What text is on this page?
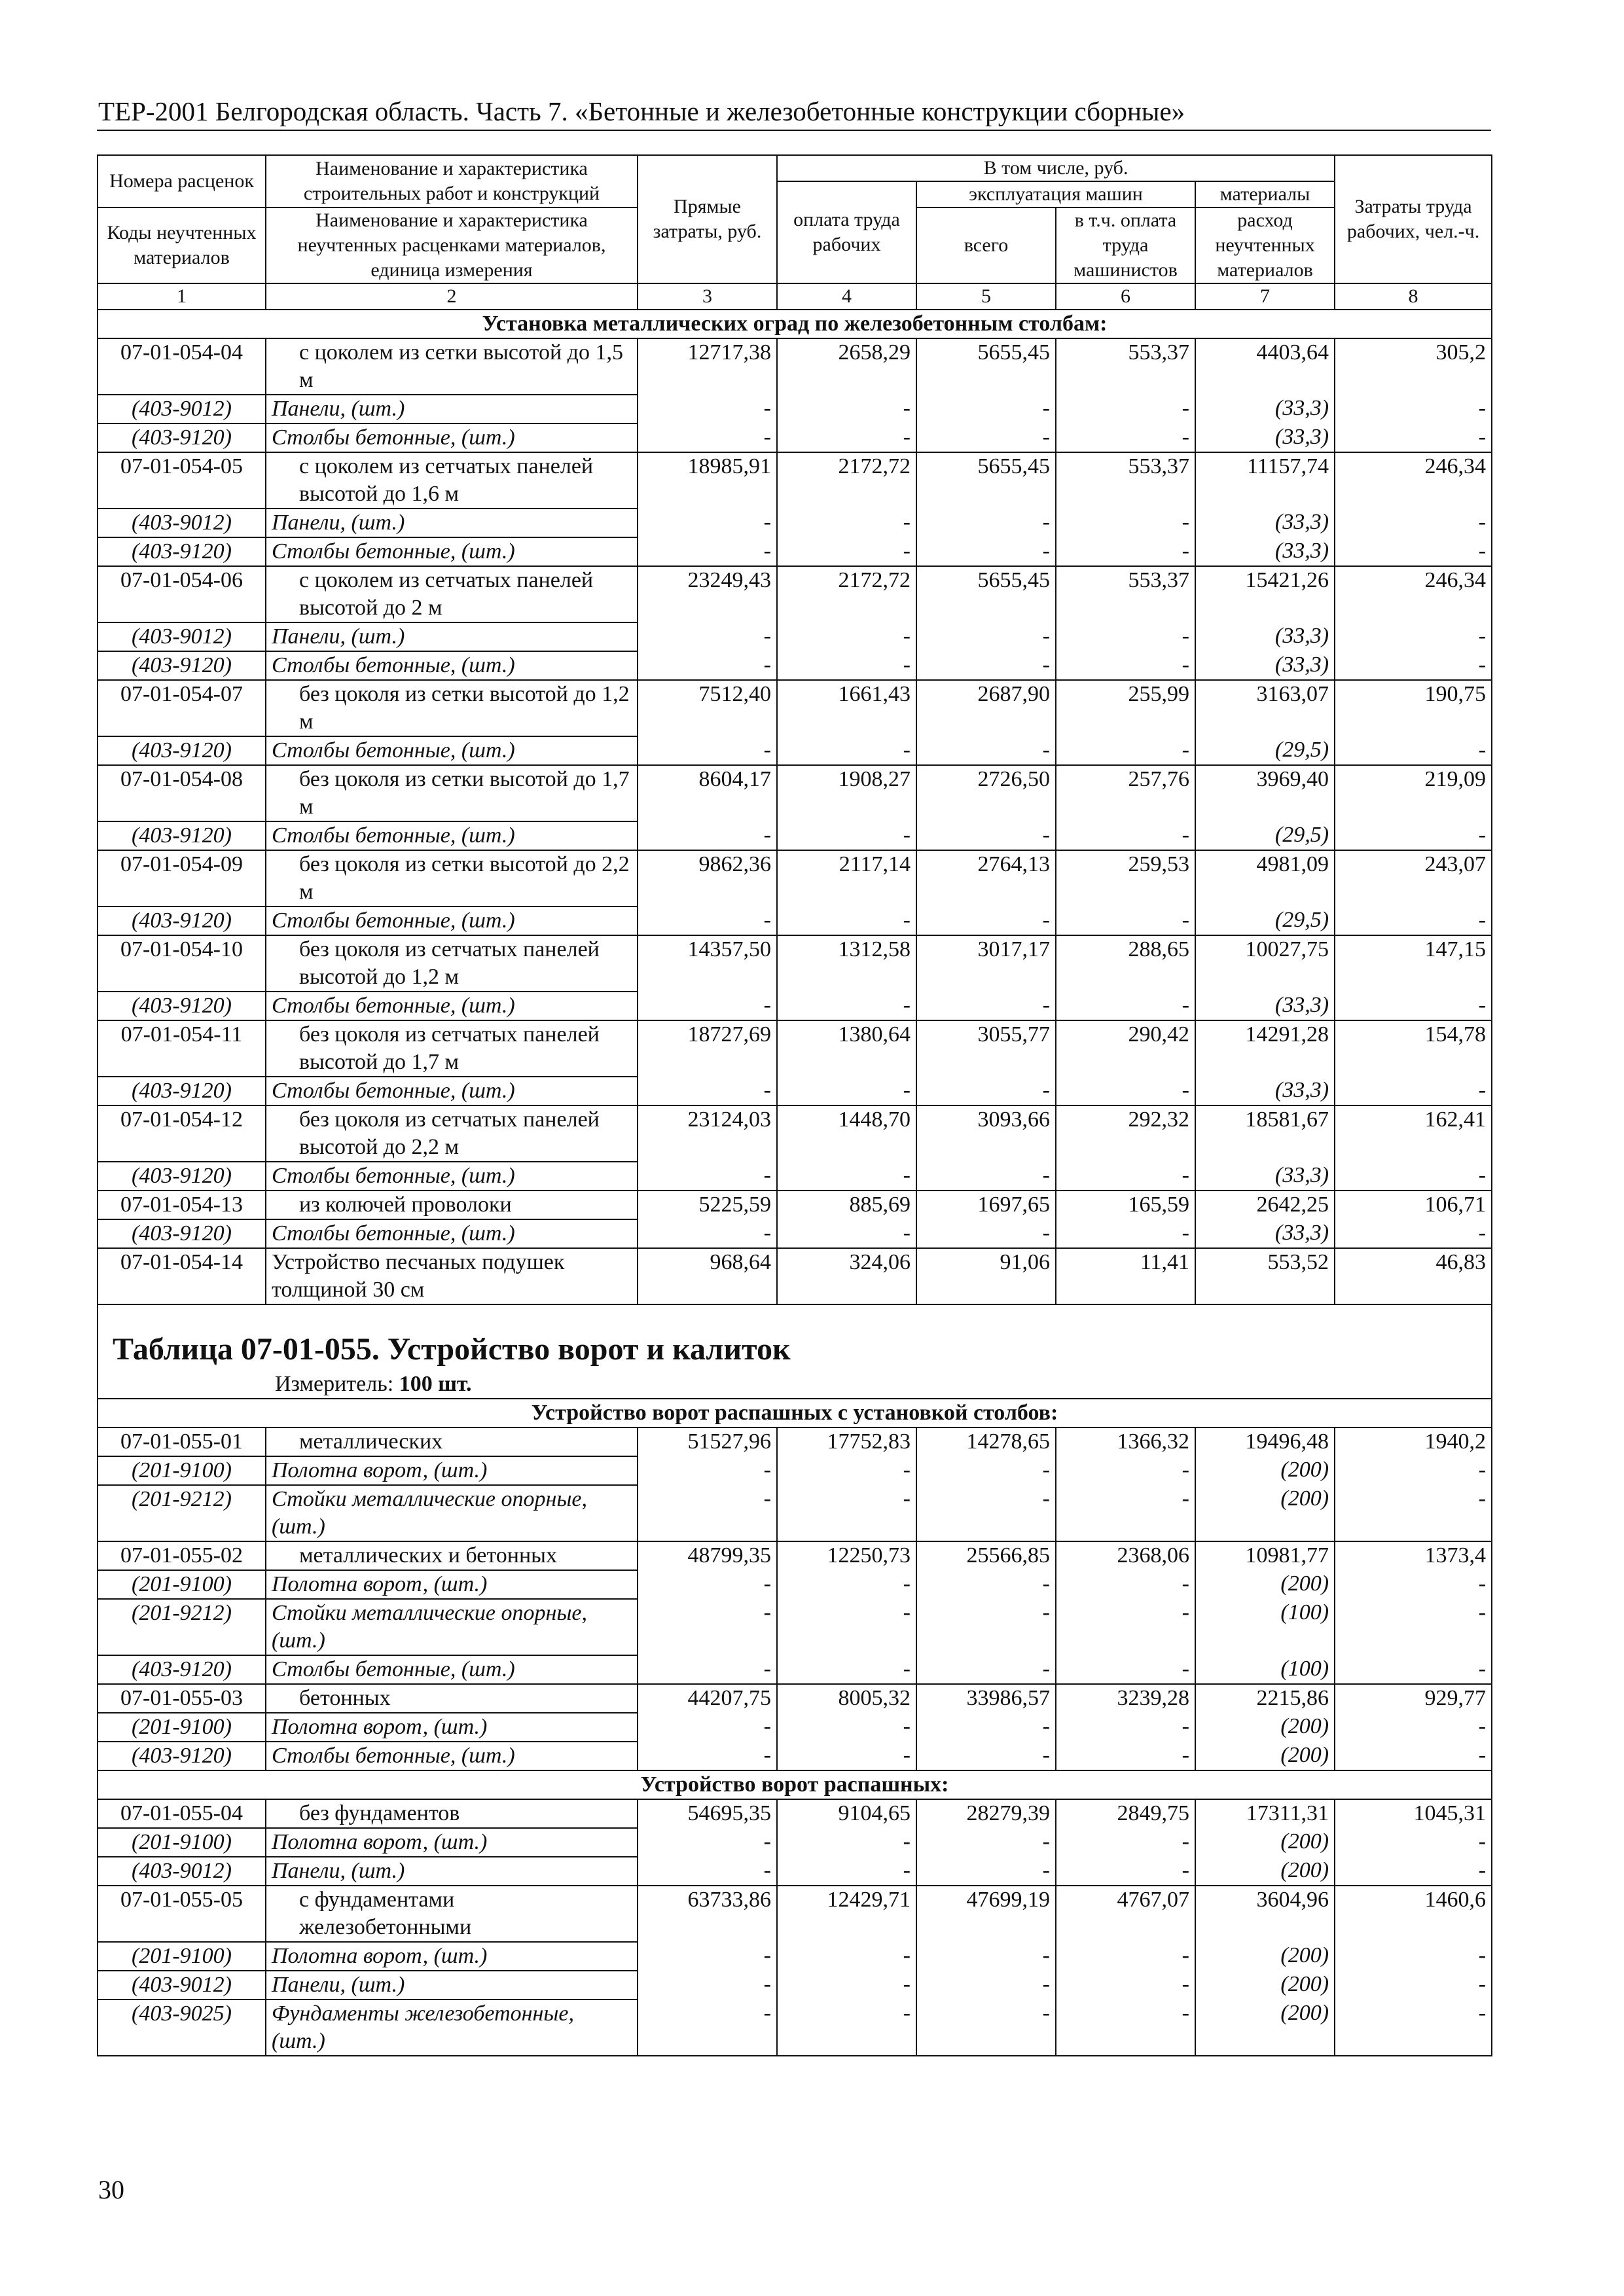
ТЕР-2001 Белгородская область. Часть 7. «Бетонные и железобетонные конструкции сборные»
Номера расценок	Наименование и характеристика строительных работ и конструкций	Прямые затраты, руб.	В том числе, руб.				Затраты труда рабочих, чел.-ч.
			оплата труда рабочих	эксплуатация машин		материалы	
Коды неучтенных материалов	Наименование и характеристика неучтенных расценками материалов, единица измерения			всего	в т.ч. оплата труда машинистов	расход неучтенных материалов	

1	2	3	4	5	6	7	8
Установка металлических оград по железобетонным столбам:							
07-01-054-04	с цоколем из сетки высотой до 1,5 м	12717,38	2658,29	5655,45	553,37	4403,64	305,2
(403-9012)	Панели, (шт.)	-	-	-	-	(33,3)	-
(403-9120)	Столбы бетонные, (шт.)	-	-	-	-	(33,3)	-
07-01-054-05	с цоколем из сетчатых панелей высотой до 1,6 м	18985,91	2172,72	5655,45	553,37	11157,74	246,34
(403-9012)	Панели, (шт.)	-	-	-	-	(33,3)	-
(403-9120)	Столбы бетонные, (шт.)	-	-	-	-	(33,3)	-
07-01-054-06	с цоколем из сетчатых панелей высотой до 2 м	23249,43	2172,72	5655,45	553,37	15421,26	246,34
(403-9012)	Панели, (шт.)	-	-	-	-	(33,3)	-
(403-9120)	Столбы бетонные, (шт.)	-	-	-	-	(33,3)	-
07-01-054-07	без цоколя из сетки высотой до 1,2 м	7512,40	1661,43	2687,90	255,99	3163,07	190,75
(403-9120)	Столбы бетонные, (шт.)	-	-	-	-	(29,5)	-
07-01-054-08	без цоколя из сетки высотой до 1,7 м	8604,17	1908,27	2726,50	257,76	3969,40	219,09
(403-9120)	Столбы бетонные, (шт.)	-	-	-	-	(29,5)	-
07-01-054-09	без цоколя из сетки высотой до 2,2 м	9862,36	2117,14	2764,13	259,53	4981,09	243,07
(403-9120)	Столбы бетонные, (шт.)	-	-	-	-	(29,5)	-
07-01-054-10	без цоколя из сетчатых панелей высотой до 1,2 м	14357,50	1312,58	3017,17	288,65	10027,75	147,15
(403-9120)	Столбы бетонные, (шт.)	-	-	-	-	(33,3)	-
07-01-054-11	без цоколя из сетчатых панелей высотой до 1,7 м	18727,69	1380,64	3055,77	290,42	14291,28	154,78
(403-9120)	Столбы бетонные, (шт.)	-	-	-	-	(33,3)	-
07-01-054-12	без цоколя из сетчатых панелей высотой до 2,2 м	23124,03	1448,70	3093,66	292,32	18581,67	162,41
(403-9120)	Столбы бетонные, (шт.)	-	-	-	-	(33,3)	-
07-01-054-13	из колючей проволоки	5225,59	885,69	1697,65	165,59	2642,25	106,71
(403-9120)	Столбы бетонные, (шт.)	-	-	-	-	(33,3)	-
07-01-054-14	Устройство песчаных подушек толщиной 30 см	968,64	324,06	91,06	11,41	553,52	46,83

Таблица 07-01-055. Устройство ворот и калиток							

Измеритель: 100 шт.							
Устройство ворот распашных с установкой столбов:							
07-01-055-01	металлических	51527,96	17752,83	14278,65	1366,32	19496,48	1940,2
(201-9100)	Полотна ворот, (шт.)	-	-	-	-	(200)	-
(201-9212)	Стойки металлические опорные, (шт.)	-	-	-	-	(200)	-
07-01-055-02	металлических и бетонных	48799,35	12250,73	25566,85	2368,06	10981,77	1373,4
(201-9100)	Полотна ворот, (шт.)	-	-	-	-	(200)	-
(201-9212)	Стойки металлические опорные, (шт.)	-	-	-	-	(100)	-
(403-9120)	Столбы бетонные, (шт.)	-	-	-	-	(100)	-
07-01-055-03	бетонных	44207,75	8005,32	33986,57	3239,28	2215,86	929,77
(201-9100)	Полотна ворот, (шт.)	-	-	-	-	(200)	-
(403-9120)	Столбы бетонные, (шт.)	-	-	-	-	(200)	-
Устройство ворот распашных:							
07-01-055-04	без фундаментов	54695,35	9104,65	28279,39	2849,75	17311,31	1045,31
(201-9100)	Полотна ворот, (шт.)	-	-	-	-	(200)	-
(403-9012)	Панели, (шт.)	-	-	-	-	(200)	-
07-01-055-05	с фундаментами железобетонными	63733,86	12429,71	47699,19	4767,07	3604,96	1460,6
(201-9100)	Полотна ворот, (шт.)	-	-	-	-	(200)	-
(403-9012)	Панели, (шт.)	-	-	-	-	(200)	-
(403-9025)	Фундаменты железобетонные, (шт.)	-	-	-	-	(200)	-
30
